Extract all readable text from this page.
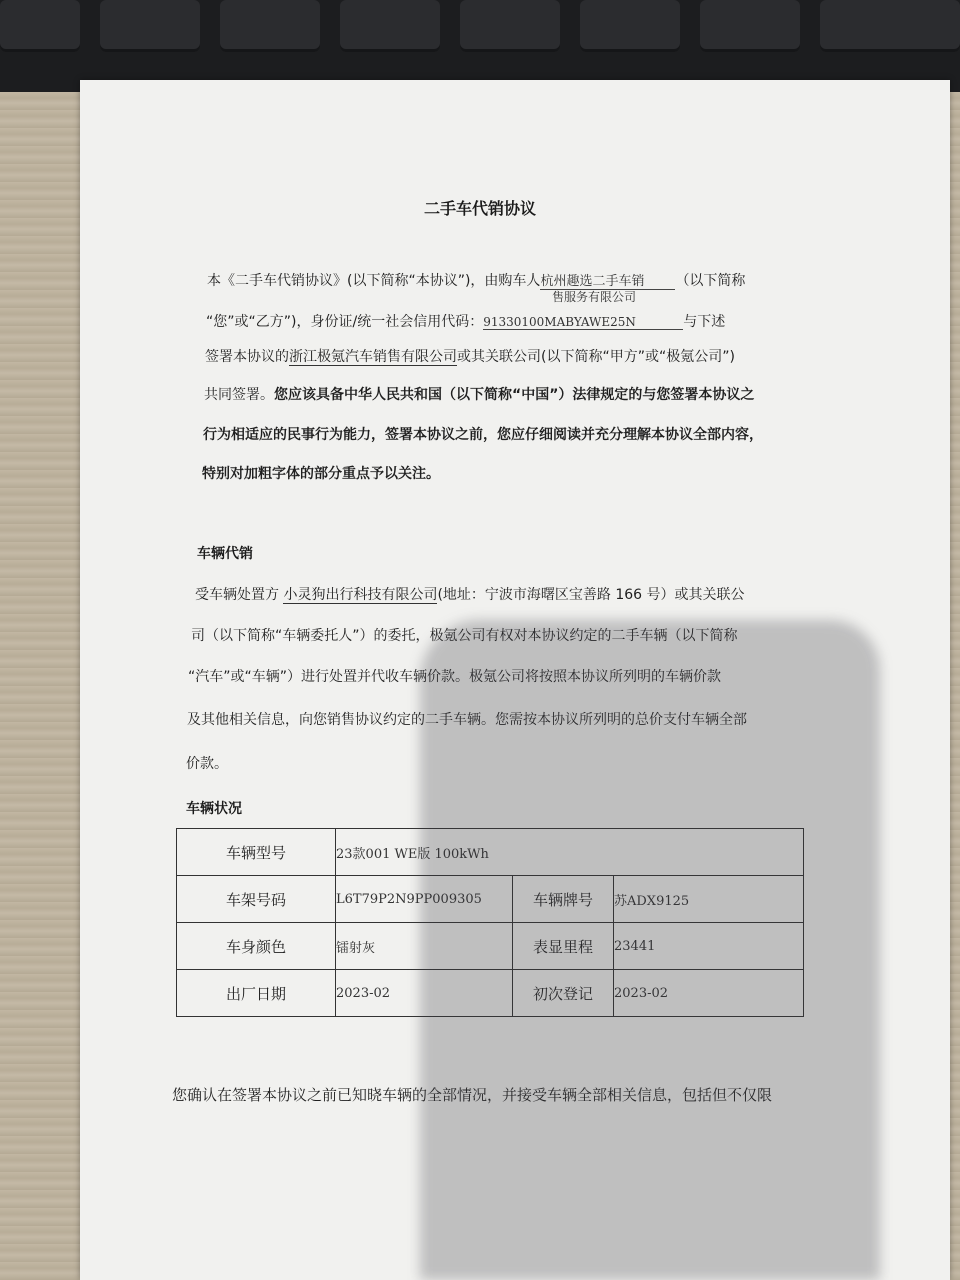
二手车代销协议
本《二手车代销协议》(以下简称“本协议”)，由购车人杭州趣选二手车销 （以下简称
售服务有限公司
“您”或“乙方”)，身份证/统一社会信用代码：91330100MABYAWE25N	与下述
签署本协议的浙江极氪汽车销售有限公司或其关联公司(以下简称“甲方”或“极氪公司”)
共同签署。您应该具备中华人民共和国（以下简称“中国”）法律规定的与您签署本协议之
行为相适应的民事行为能力，签署本协议之前，您应仔细阅读并充分理解本协议全部内容，
特别对加粗字体的部分重点予以关注。
车辆代销
受车辆处置方 小灵狗出行科技有限公司(地址：宁波市海曙区宝善路 166 号）或其关联公
司（以下简称“车辆委托人”）的委托，极氪公司有权对本协议约定的二手车辆（以下简称
“汽车”或“车辆”）进行处置并代收车辆价款。极氪公司将按照本协议所列明的车辆价款
及其他相关信息，向您销售协议约定的二手车辆。您需按本协议所列明的总价支付车辆全部
价款。
车辆状况
车辆型号	23款001 WE版 100kWh		
车架号码	L6T79P2N9PP009305	车辆牌号	苏ADX9125
车身颜色	镭射灰	表显里程	23441
出厂日期	2023-02	初次登记	2023-02
您确认在签署本协议之前已知晓车辆的全部情况，并接受车辆全部相关信息，包括但不仅限
